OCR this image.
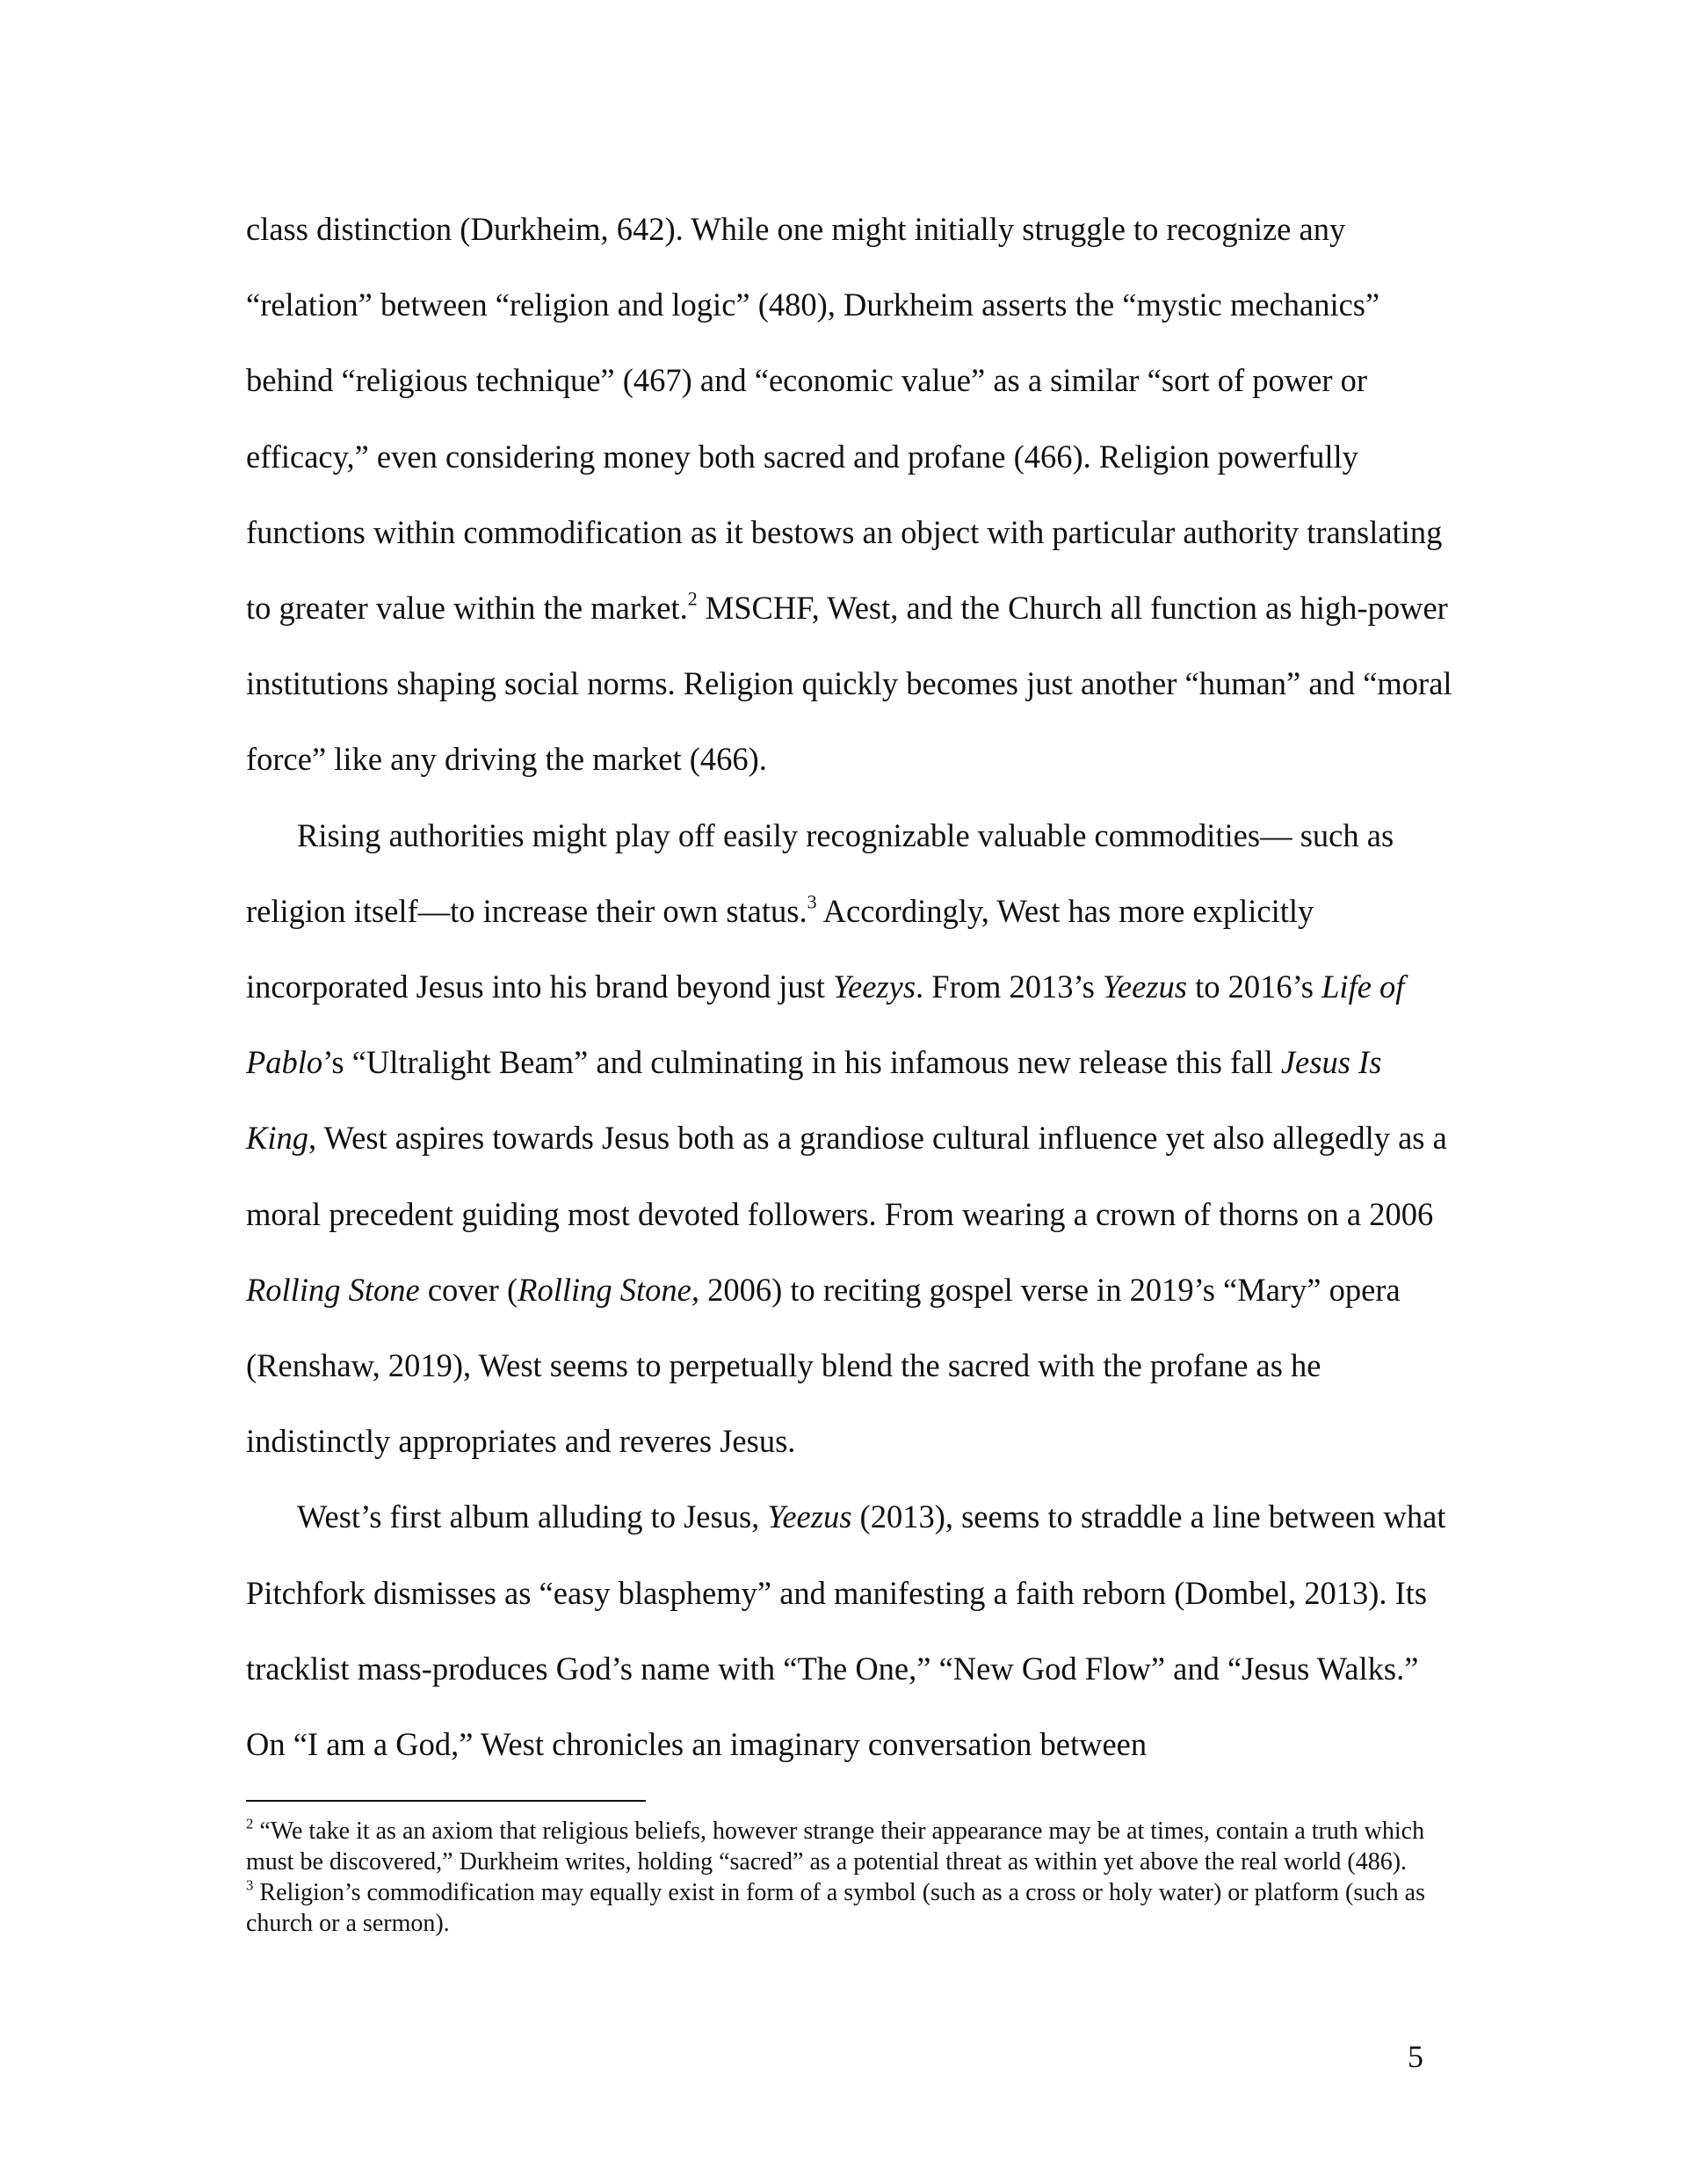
class distinction (Durkheim, 642). While one might initially struggle to recognize any “relation” between “religion and logic” (480), Durkheim asserts the “mystic mechanics” behind “religious technique” (467) and “economic value” as a similar “sort of power or efficacy,” even considering money both sacred and profane (466). Religion powerfully functions within commodification as it bestows an object with particular authority translating to greater value within the market.$^2$ MSCHF, West, and the Church all function as high-power institutions shaping social norms. Religion quickly becomes just another “human” and “moral force” like any driving the market (466).

Rising authorities might play off easily recognizable valuable commodities— such as religion itself—to increase their own status.$^3$ Accordingly, West has more explicitly incorporated Jesus into his brand beyond just Yeezys. From 2013’s Yeezus to 2016’s Life of Pablo’s “Ultralight Beam” and culminating in his infamous new release this fall Jesus Is King, West aspires towards Jesus both as a grandiose cultural influence yet also allegedly as a moral precedent guiding most devoted followers. From wearing a crown of thorns on a 2006 Rolling Stone cover (Rolling Stone, 2006) to reciting gospel verse in 2019’s “Mary” opera (Renshaw, 2019), West seems to perpetually blend the sacred with the profane as he indistinctly appropriates and reveres Jesus.

West’s first album alluding to Jesus, Yeezus (2013), seems to straddle a line between what Pitchfork dismisses as “easy blasphemy” and manifesting a faith reborn (Dombel, 2013). Its tracklist mass-produces God’s name with “The One,” “New God Flow” and “Jesus Walks.” On “I am a God,” West chronicles an imaginary conversation between

$^2$ “We take it as an axiom that religious beliefs, however strange their appearance may be at times, contain a truth which must be discovered,” Durkheim writes, holding “sacred” as a potential threat as within yet above the real world (486).

$^3$ Religion’s commodification may equally exist in form of a symbol (such as a cross or holy water) or platform (such as church or a sermon).

5
